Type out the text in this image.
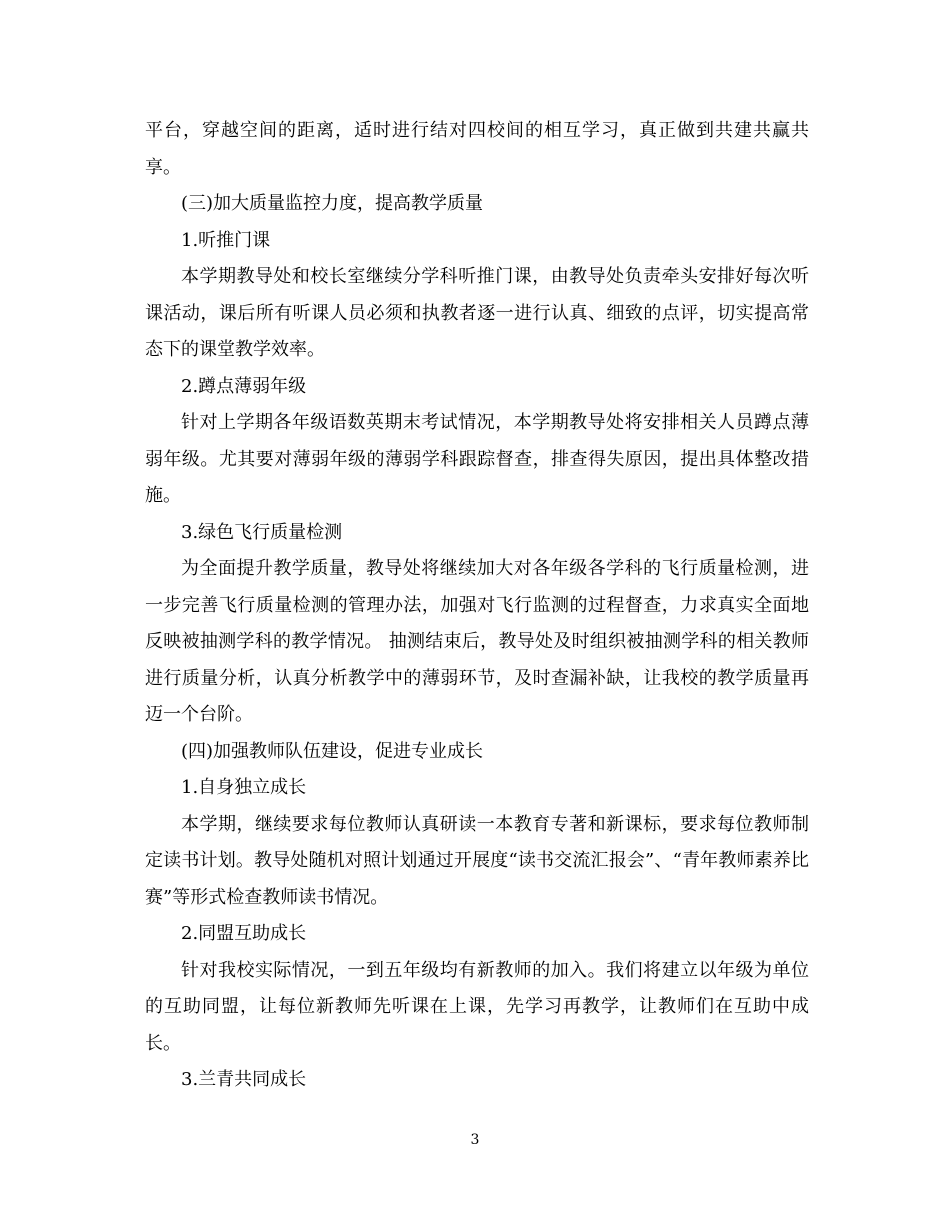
平台，穿越空间的距离，适时进行结对四校间的相互学习，真正做到共建共赢共享。

(三)加大质量监控力度，提高教学质量

1.听推门课

本学期教导处和校长室继续分学科听推门课，由教导处负责牵头安排好每次听课活动，课后所有听课人员必须和执教者逐一进行认真、细致的点评，切实提高常态下的课堂教学效率。

2.蹲点薄弱年级

针对上学期各年级语数英期末考试情况，本学期教导处将安排相关人员蹲点薄弱年级。尤其要对薄弱年级的薄弱学科跟踪督查，排查得失原因，提出具体整改措施。

3.绿色飞行质量检测

为全面提升教学质量，教导处将继续加大对各年级各学科的飞行质量检测，进一步完善飞行质量检测的管理办法，加强对飞行监测的过程督查，力求真实全面地反映被抽测学科的教学情况。 抽测结束后，教导处及时组织被抽测学科的相关教师进行质量分析，认真分析教学中的薄弱环节，及时查漏补缺，让我校的教学质量再迈一个台阶。

(四)加强教师队伍建设，促进专业成长

1.自身独立成长

本学期，继续要求每位教师认真研读一本教育专著和新课标，要求每位教师制定读书计划。教导处随机对照计划通过开展度“读书交流汇报会”、“青年教师素养比赛”等形式检查教师读书情况。

2.同盟互助成长

针对我校实际情况，一到五年级均有新教师的加入。我们将建立以年级为单位的互助同盟，让每位新教师先听课在上课，先学习再教学，让教师们在互助中成长。

3.兰青共同成长

3
